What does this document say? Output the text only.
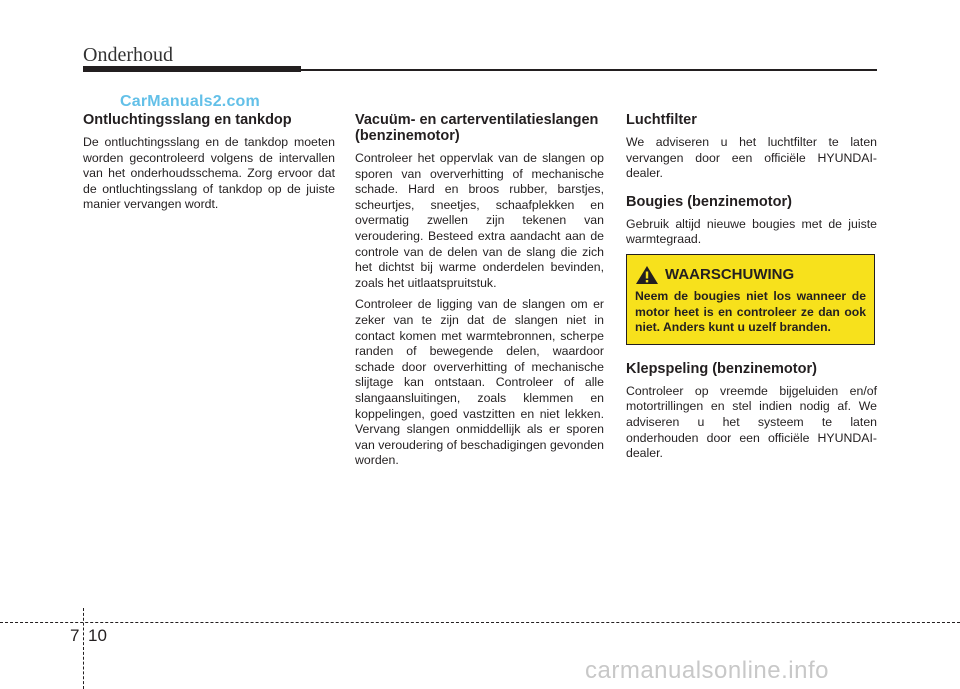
Onderhoud
CarManuals2.com
Ontluchtingsslang en tankdop

De ontluchtingsslang en de tankdop moeten worden gecontroleerd volgens de intervallen van het onderhoudsschema. Zorg ervoor dat de ontluchtingsslang of tankdop op de juiste manier vervangen wordt.

Vacuüm- en carterventilatieslangen (benzinemotor)

Controleer het oppervlak van de slangen op sporen van oververhitting of mechanische schade. Hard en broos rubber, barstjes, scheurtjes, sneetjes, schaafplekken en overmatig zwellen zijn tekenen van veroudering. Besteed extra aandacht aan de controle van de delen van de slang die zich het dichtst bij warme onderdelen bevinden, zoals het uitlaatspruitstuk.

Controleer de ligging van de slangen om er zeker van te zijn dat de slangen niet in contact komen met warmtebronnen, scherpe randen of bewegende delen, waardoor schade door oververhitting of mechanische slijtage kan ontstaan. Controleer of alle slangaansluitingen, zoals klemmen en koppelingen, goed vastzitten en niet lekken. Vervang slangen onmiddellijk als er sporen van veroudering of beschadigingen gevonden worden.

Luchtfilter

We adviseren u het luchtfilter te laten vervangen door een officiële HYUNDAI-dealer.

Bougies (benzinemotor)

Gebruik altijd nieuwe bougies met de juiste warmtegraad.

WAARSCHUWING

Neem de bougies niet los wanneer de motor heet is en controleer ze dan ook niet. Anders kunt u uzelf branden.

Klepspeling (benzinemotor)

Controleer op vreemde bijgeluiden en/of motortrillingen en stel indien nodig af. We adviseren u het systeem te laten onderhouden door een officiële HYUNDAI-dealer.

7 10
carmanualsonline.info
